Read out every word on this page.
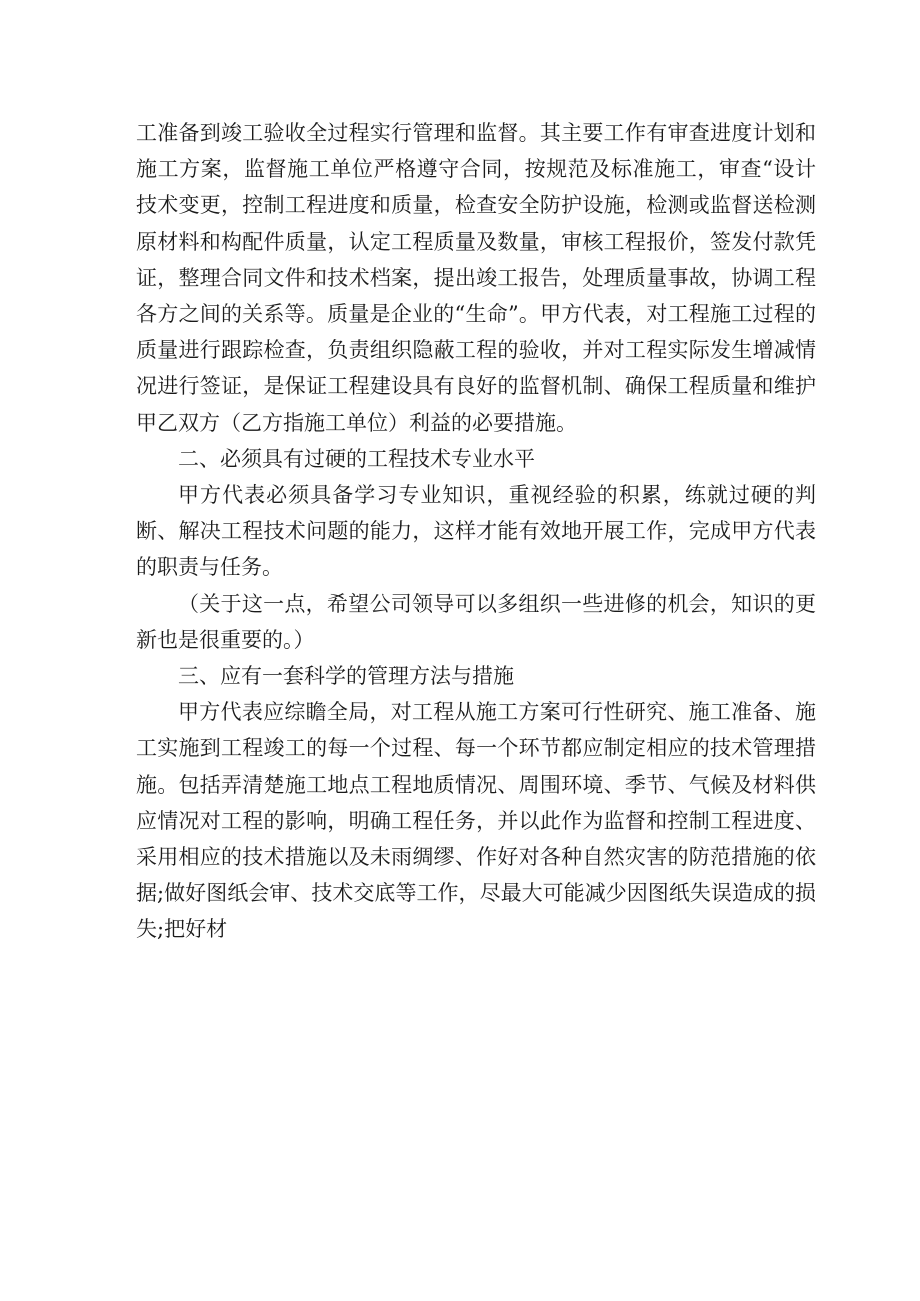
工准备到竣工验收全过程实行管理和监督。其主要工作有审查进度计划和施工方案，监督施工单位严格遵守合同，按规范及标准施工，审查“设计技术变更，控制工程进度和质量，检查安全防护设施，检测或监督送检测原材料和构配件质量，认定工程质量及数量，审核工程报价，签发付款凭证，整理合同文件和技术档案，提出竣工报告，处理质量事故，协调工程各方之间的关系等。质量是企业的“生命”。甲方代表，对工程施工过程的质量进行跟踪检查，负责组织隐蔽工程的验收，并对工程实际发生增减情况进行签证，是保证工程建设具有良好的监督机制、确保工程质量和维护甲乙双方（乙方指施工单位）利益的必要措施。

二、必须具有过硬的工程技术专业水平

甲方代表必须具备学习专业知识，重视经验的积累，练就过硬的判断、解决工程技术问题的能力，这样才能有效地开展工作，完成甲方代表的职责与任务。

（关于这一点，希望公司领导可以多组织一些进修的机会，知识的更新也是很重要的。）

三、应有一套科学的管理方法与措施

甲方代表应综瞻全局，对工程从施工方案可行性研究、施工准备、施工实施到工程竣工的每一个过程、每一个环节都应制定相应的技术管理措施。包括弄清楚施工地点工程地质情况、周围环境、季节、气候及材料供应情况对工程的影响，明确工程任务，并以此作为监督和控制工程进度、采用相应的技术措施以及未雨绸缪、作好对各种自然灾害的防范措施的依据;做好图纸会审、技术交底等工作，尽最大可能减少因图纸失误造成的损失;把好材
